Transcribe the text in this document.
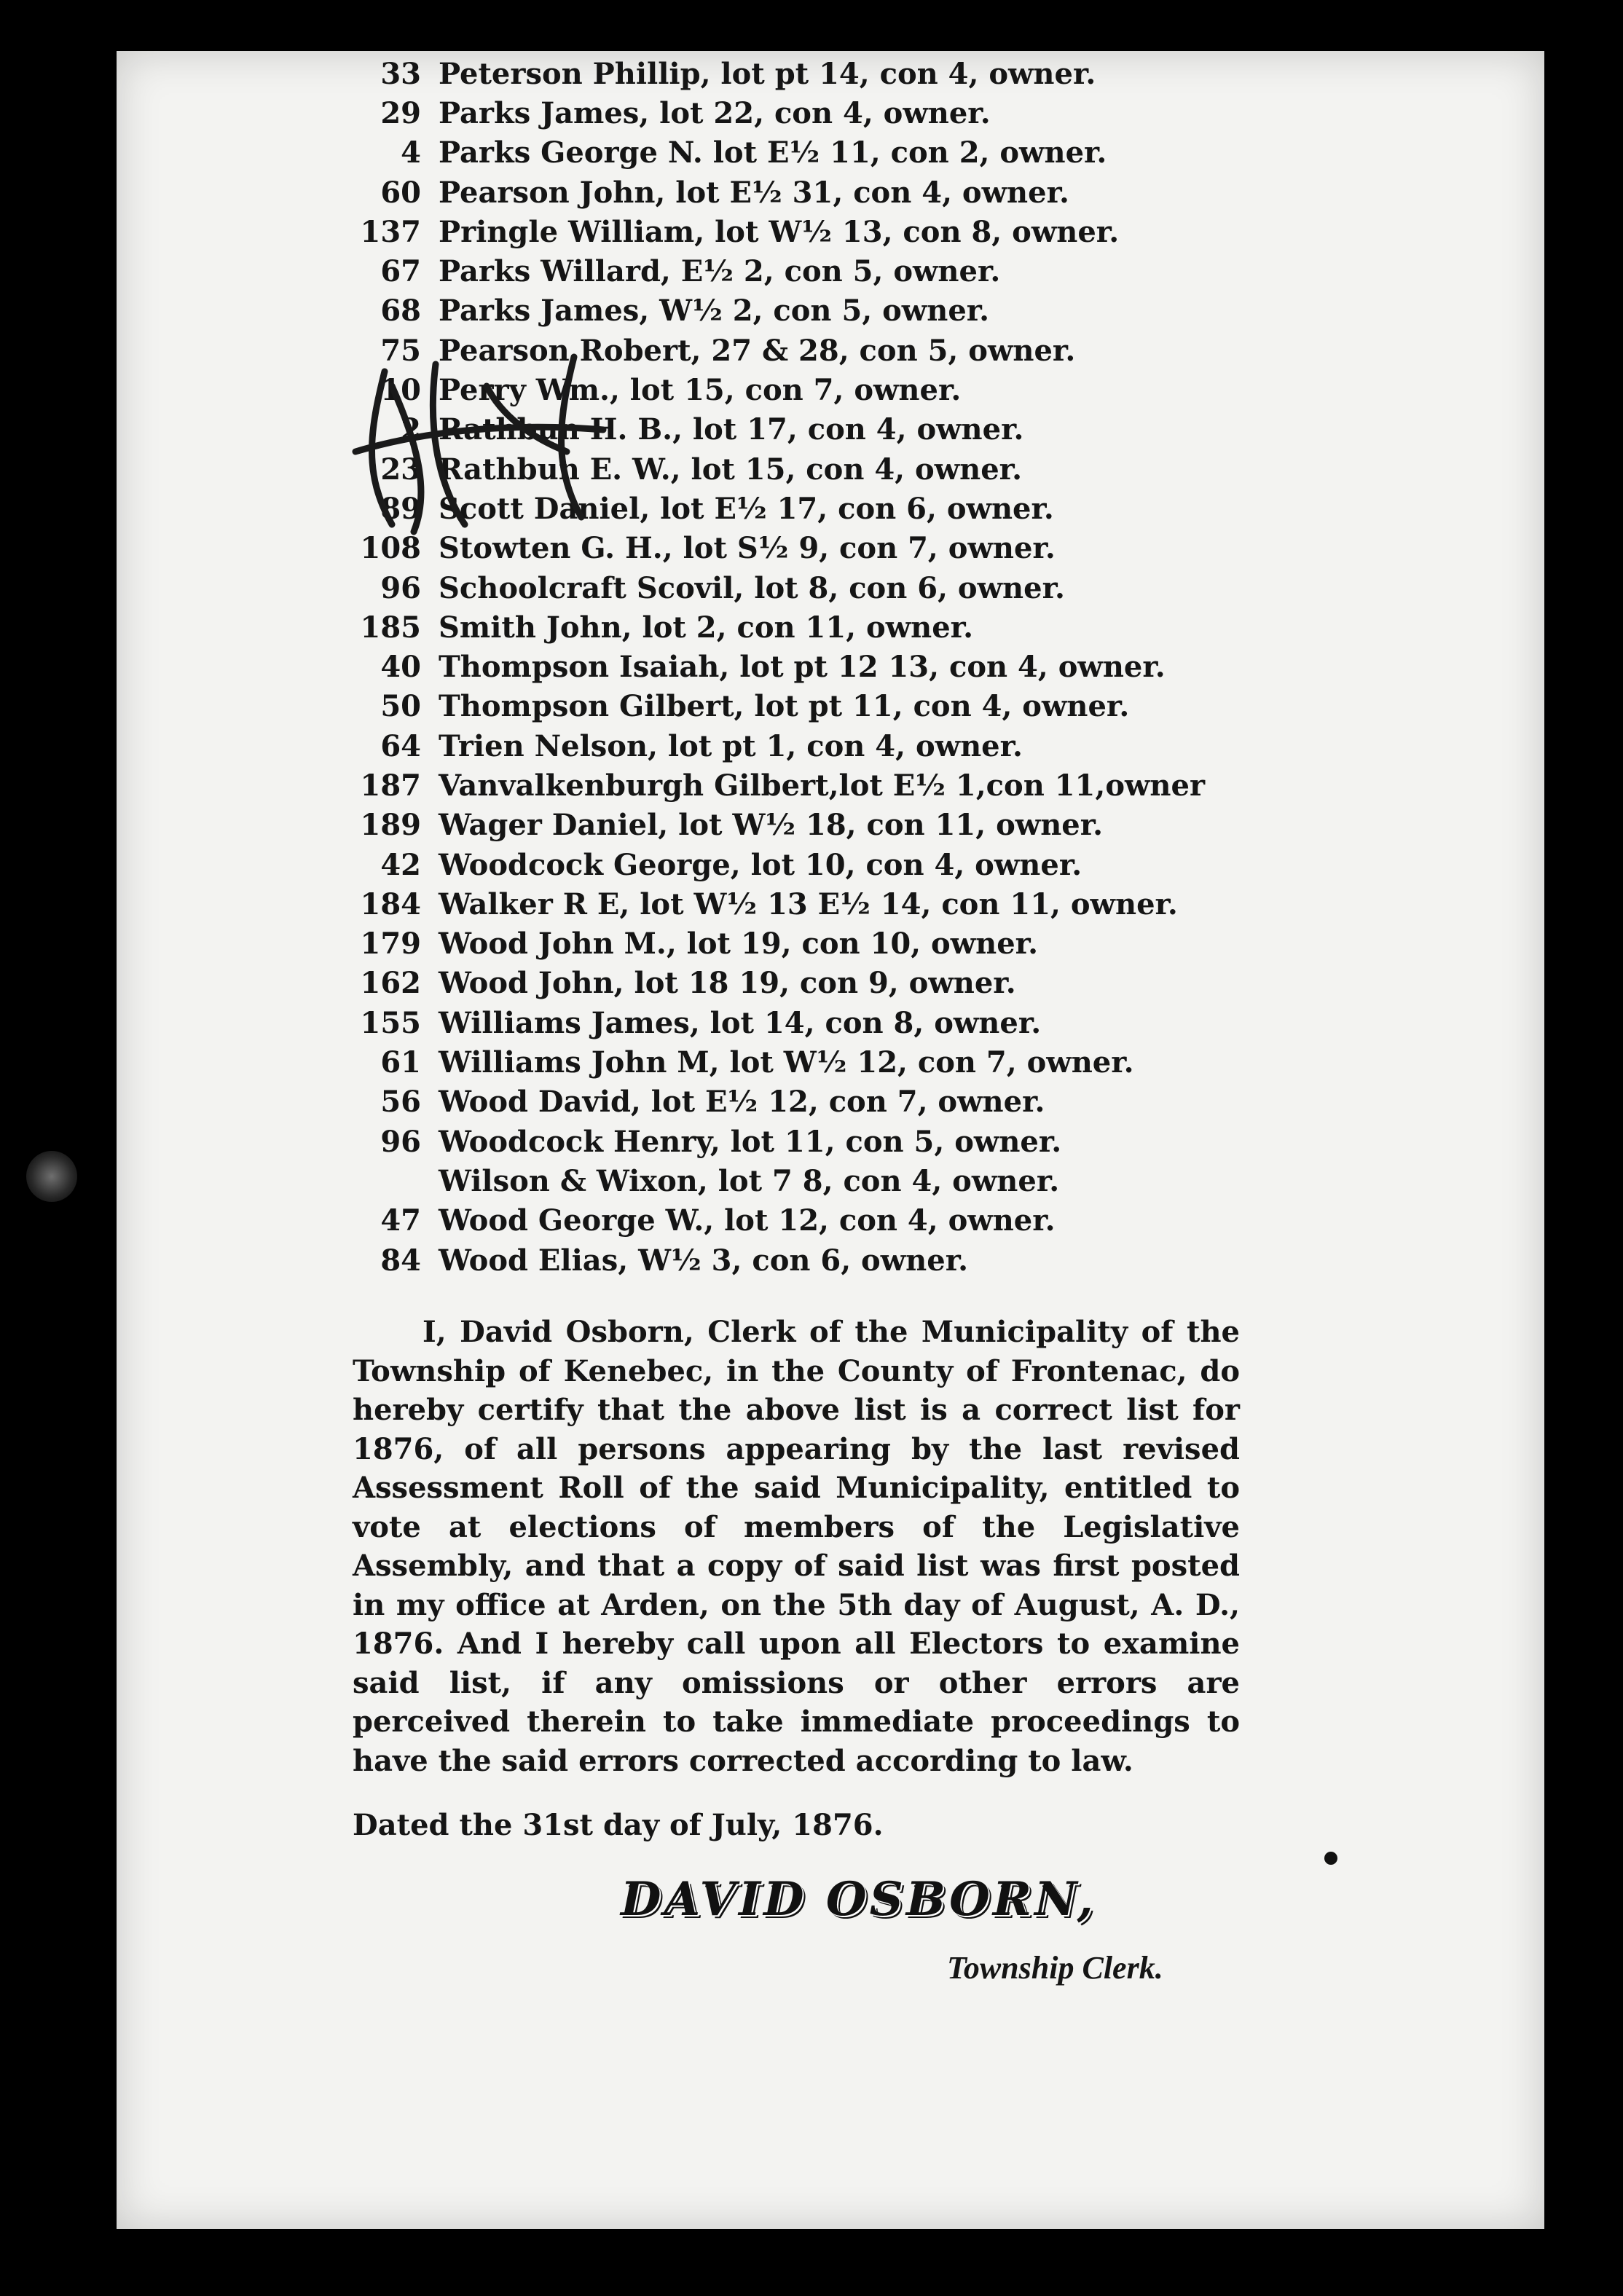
33 Peterson Phillip, lot pt 14, con 4, owner.
29 Parks James, lot 22, con 4, owner.
4 Parks George N. lot E½ 11, con 2, owner.
60 Pearson John, lot E½ 31, con 4, owner.
137 Pringle William, lot W½ 13, con 8, owner.
67 Parks Willard, E½ 2, con 5, owner.
68 Parks James, W½ 2, con 5, owner.
75 Pearson Robert, 27 & 28, con 5, owner.
10 Perry Wm., lot 15, con 7, owner.
2 Rathbun H. B., lot 17, con 4, owner.
23 Rathbun E. W., lot 15, con 4, owner.
89 Scott Daniel, lot E½ 17, con 6, owner.
108 Stowten G. H., lot S½ 9, con 7, owner.
96 Schoolcraft Scovil, lot 8, con 6, owner.
185 Smith John, lot 2, con 11, owner.
40 Thompson Isaiah, lot pt 12 13, con 4, owner.
50 Thompson Gilbert, lot pt 11, con 4, owner.
64 Trien Nelson, lot pt 1, con 4, owner.
187 Vanvalkenburgh Gilbert,lot E½ 1,con 11,owner
189 Wager Daniel, lot W½ 18, con 11, owner.
42 Woodcock George, lot 10, con 4, owner.
184 Walker R E, lot W½ 13 E½ 14, con 11, owner.
179 Wood John M., lot 19, con 10, owner.
162 Wood John, lot 18 19, con 9, owner.
155 Williams James, lot 14, con 8, owner.
61 Williams John M, lot W½ 12, con 7, owner.
56 Wood David, lot E½ 12, con 7, owner.
96 Woodcock Henry, lot 11, con 5, owner.
Wilson & Wixon, lot 7 8, con 4, owner.
47 Wood George W., lot 12, con 4, owner.
84 Wood Elias, W½ 3, con 6, owner.

I, David Osborn, Clerk of the Municipality of the Township of Kenebec, in the County of Frontenac, do hereby certify that the above list is a correct list for 1876, of all persons appearing by the last revised Assessment Roll of the said Municipality, entitled to vote at elections of members of the Legislative Assembly, and that a copy of said list was first posted in my office at Arden, on the 5th day of August, A. D., 1876. And I hereby call upon all Electors to examine said list, if any omissions or other errors are perceived therein to take immediate proceedings to have the said errors corrected according to law.

Dated the 31st day of July, 1876.
DAVID OSBORN,
Township Clerk.
